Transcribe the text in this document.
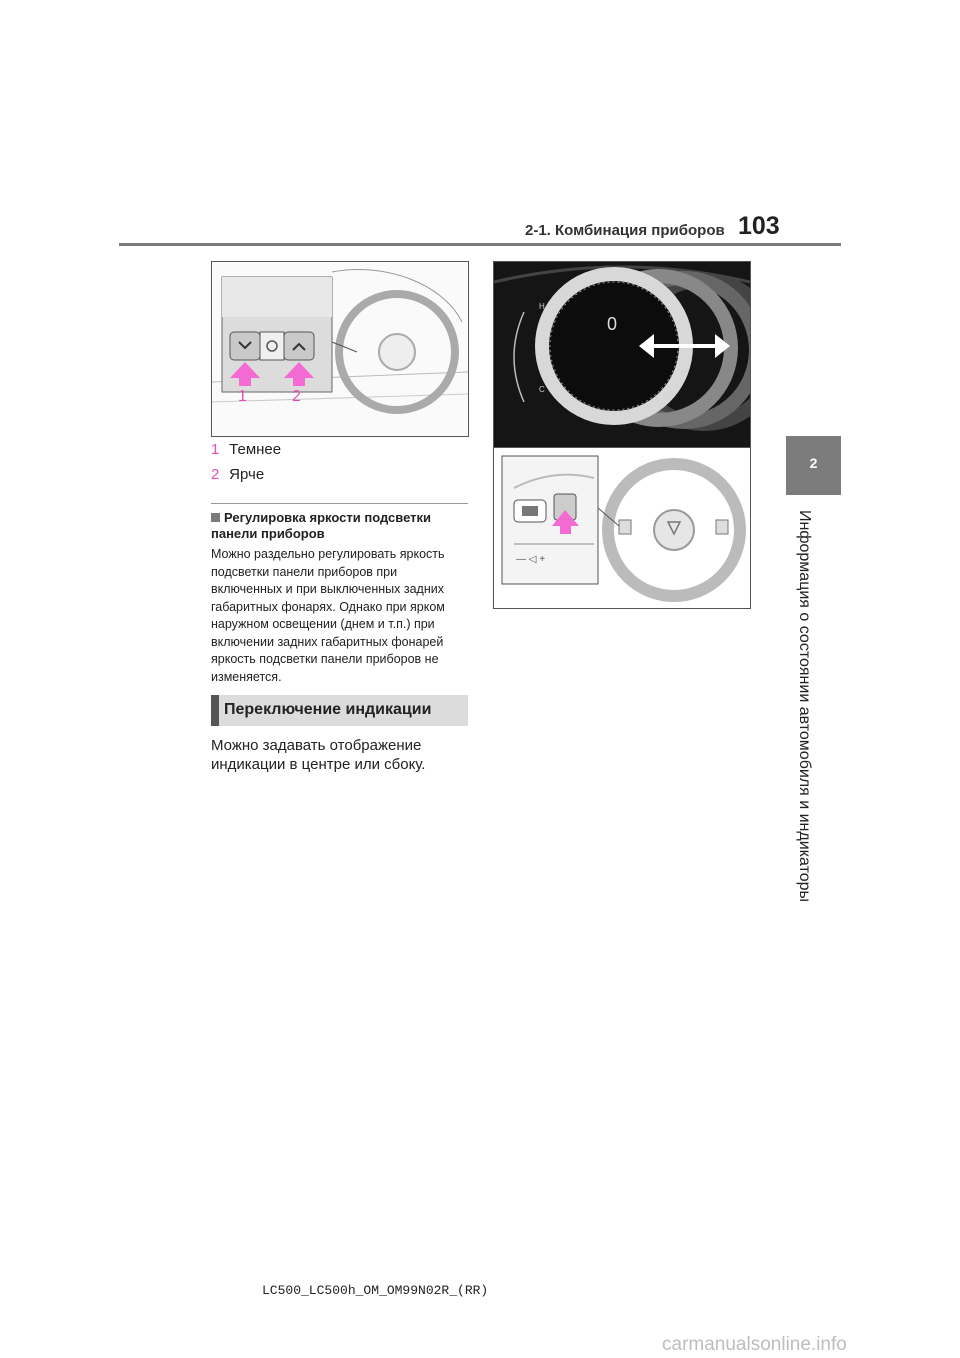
2-1. Комбинация приборов 103
2
Информация о состоянии автомобиля и индикаторы
1	2
0
H
C
— ◁ +
1 Темнее
2 Ярче
Регулировка яркости подсветки панели приборов
Можно раздельно регулировать яркость подсветки панели приборов при включенных и при выключенных задних габаритных фонарях. Однако при ярком наружном освещении (днем и т.п.) при включении задних габаритных фонарей яркость подсветки панели приборов не изменяется.
Переключение индикации
Можно задавать отображение индикации в центре или сбоку.
LC500_LC500h_OM_OM99N02R_(RR)
carmanualsonline.info
